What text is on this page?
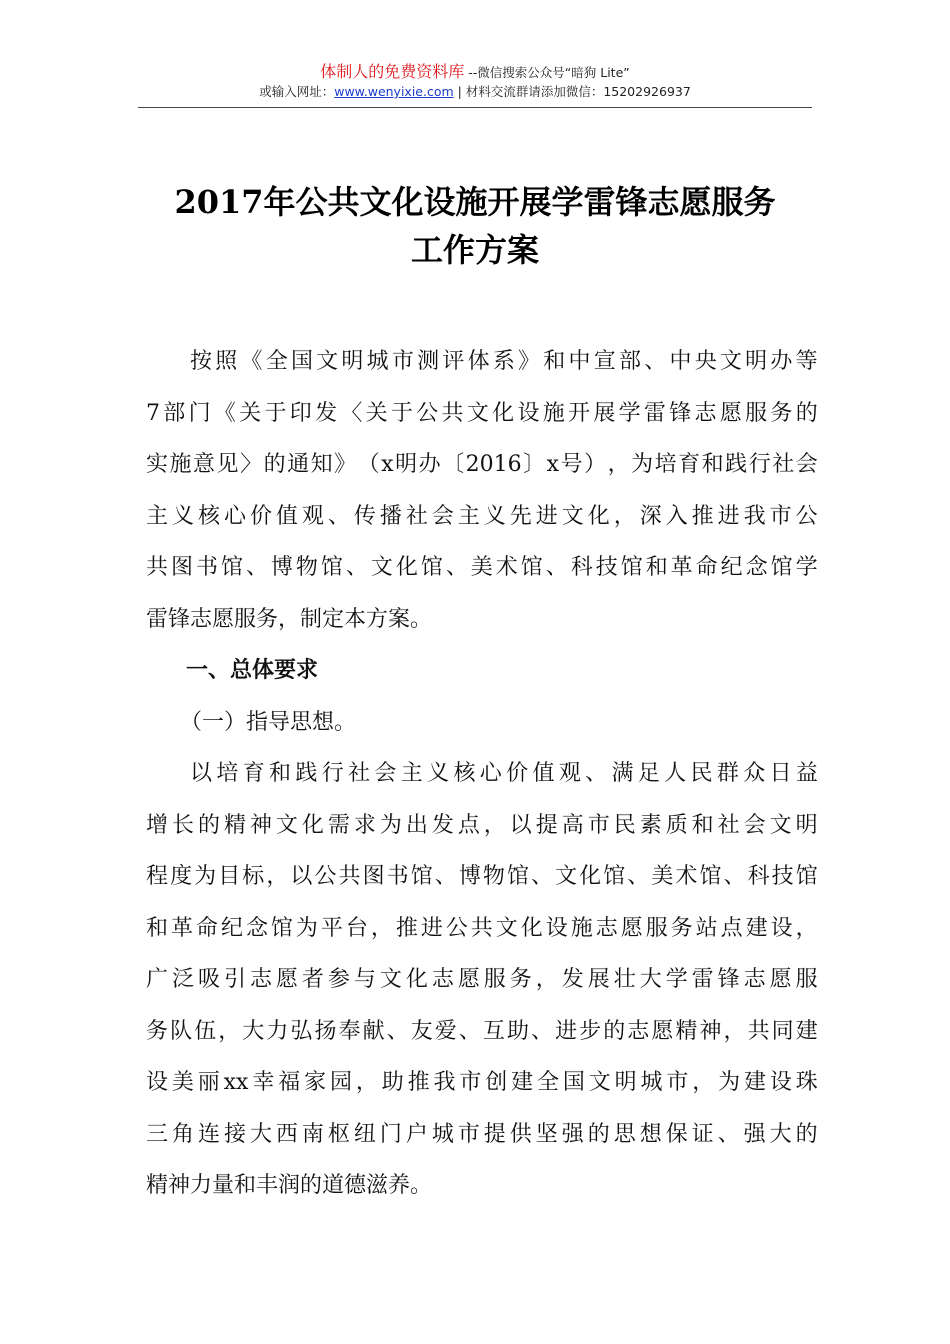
体制人的免费资料库 --微信搜索公众号“暗狗 Lite”
或输入网址：www.wenyixie.com | 材料交流群请添加微信：15202926937
2017年公共文化设施开展学雷锋志愿服务
工作方案
按 照 《 全 国 文 明 城 市 测 评 体 系 》 和 中 宣 部 、 中 央 文 明 办 等
7 部 门 《 关 于 印 发 〈 关 于 公 共 文 化 设 施 开 展 学 雷 锋 志 愿 服 务 的
实 施 意 见 〉 的 通 知 》 （ x 明 办 〔 2016 〕 x 号 ） ， 为 培 育 和 践 行 社 会
主 义 核 心 价 值 观 、 传 播 社 会 主 义 先 进 文 化 ， 深 入 推 进 我 市 公
共 图 书 馆 、 博 物 馆 、 文 化 馆 、 美 术 馆 、 科 技 馆 和 革 命 纪 念 馆 学
雷锋志愿服务，制定本方案。
一、总体要求
（一）指导思想。
以 培 育 和 践 行 社 会 主 义 核 心 价 值 观 、 满 足 人 民 群 众 日 益
增 长 的 精 神 文 化 需 求 为 出 发 点 ， 以 提 高 市 民 素 质 和 社 会 文 明
程 度 为 目 标 ， 以 公 共 图 书 馆 、 博 物 馆 、 文 化 馆 、 美 术 馆 、 科 技 馆
和 革 命 纪 念 馆 为 平 台 ， 推 进 公 共 文 化 设 施 志 愿 服 务 站 点 建 设 ，
广 泛 吸 引 志 愿 者 参 与 文 化 志 愿 服 务 ， 发 展 壮 大 学 雷 锋 志 愿 服
务 队 伍 ， 大 力 弘 扬 奉 献 、 友 爱 、 互 助 、 进 步 的 志 愿 精 神 ， 共 同 建
设 美 丽 xx 幸 福 家 园 ， 助 推 我 市 创 建 全 国 文 明 城 市 ， 为 建 设 珠
三 角 连 接 大 西 南 枢 纽 门 户 城 市 提 供 坚 强 的 思 想 保 证 、 强 大 的
精神力量和丰润的道德滋养。
